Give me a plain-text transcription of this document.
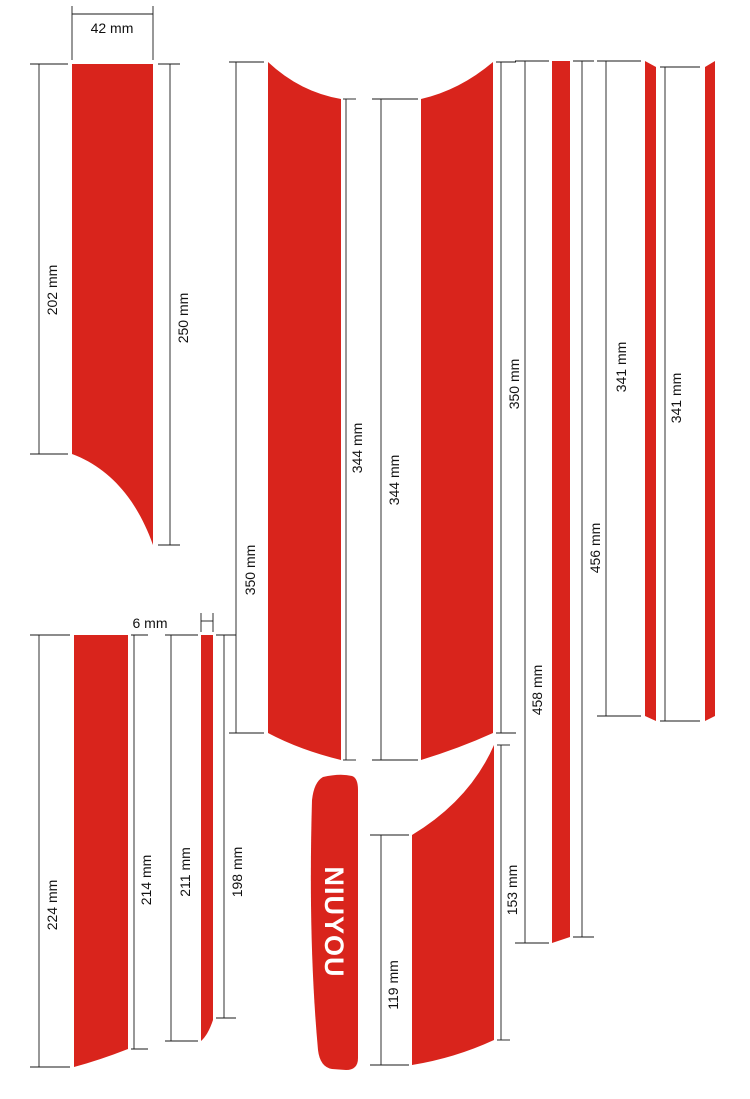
42 mm
202 mm
250 mm
350 mm
344 mm
344 mm
350 mm
458 mm
456 mm
341 mm
341 mm
224 mm	214 mm
6 mm
211 mm	198 mm	NIUYOU
119 mm
153 mm
